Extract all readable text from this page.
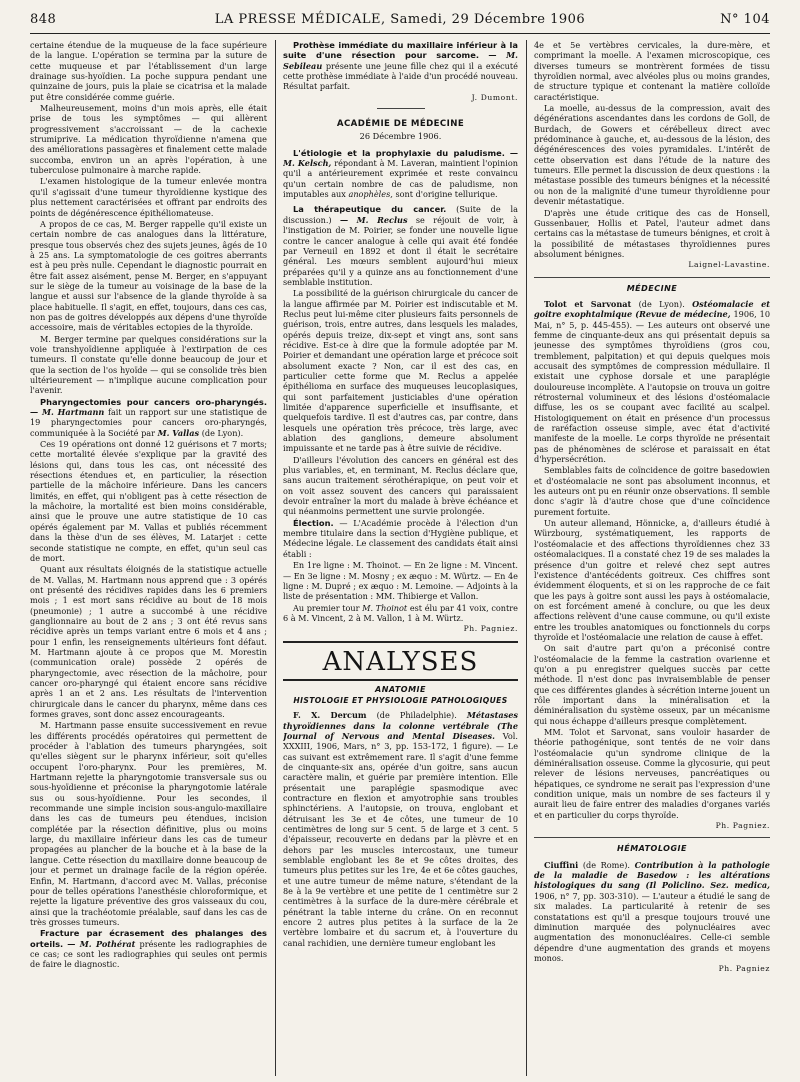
848	LA PRESSE MÉDICALE, Samedi, 29 Décembre 1906	N° 104

certaine étendue de la muqueuse de la face supérieure de la langue. L'opération se termina par la suture de cette muqueuse et par l'établissement d'un large drainage sus-hyoïdien. La poche suppura pendant une quinzaine de jours, puis la plaie se cicatrisa et la malade put être considérée comme guérie.

Malheureusement, moins d'un mois après, elle était prise de tous les symptômes — qui allèrent progressivement s'accroissant — de la cachexie strumiprive. La médication thyroïdienne n'amena que des améliorations passagères et finalement cette malade succomba, environ un an après l'opération, à une tuberculose pulmonaire à marche rapide.

L'examen histologique de la tumeur enlevée montra qu'il s'agissait d'une tumeur thyroïdienne kystique des plus nettement caractérisées et offrant par endroits des points de dégénérescence épithéliomateuse.

A propos de ce cas, M. Berger rappelle qu'il existe un certain nombre de cas analogues dans la littérature, presque tous observés chez des sujets jeunes, âgés de 10 à 25 ans. La symptomatologie de ces goitres aberrants est à peu près nulle. Cependant le diagnostic pourrait en être fait assez aisément, pense M. Berger, en s'appuyant sur le siège de la tumeur au voisinage de la base de la langue et aussi sur l'absence de la glande thyroïde à sa place habituelle. Il s'agit, en effet, toujours, dans ces cas, non pas de goitres développés aux dépens d'une thyroïde accessoire, mais de véritables ectopies de la thyroïde.

M. Berger termine par quelques considérations sur la voie transhyoïdienne appliquée à l'extirpation de ces tumeurs. Il constate qu'elle donne beaucoup de jour et que la section de l'os hyoïde — qui se consolide très bien ultérieurement — n'implique aucune complication pour l'avenir.

Pharyngectomies pour cancers oro-pharyngés. — M. Hartmann fait un rapport sur une statistique de 19 pharyngectomies pour cancers oro-pharyngés, communiquée à la Société par M. Vallas (de Lyon).

Ces 19 opérations ont donné 12 guérisons et 7 morts; cette mortalité élevée s'explique par la gravité des lésions qui, dans tous les cas, ont nécessité des résections étendues et, en particulier, la résection partielle de la mâchoire inférieure. Dans les cancers limités, en effet, qui n'obligent pas à cette résection de la mâchoire, la mortalité est bien moins considérable, ainsi que le prouve une autre statistique de 10 cas opérés également par M. Vallas et publiés récemment dans la thèse d'un de ses élèves, M. Latarjet : cette seconde statistique ne compte, en effet, qu'un seul cas de mort.

Quant aux résultats éloignés de la statistique actuelle de M. Vallas, M. Hartmann nous apprend que : 3 opérés ont présenté des récidives rapides dans les 6 premiers mois ; 1 est mort sans récidive au bout de 18 mois (pneumonie) ; 1 autre a succombé à une récidive ganglionnaire au bout de 2 ans ; 3 ont été revus sans récidive après un temps variant entre 6 mois et 4 ans ; pour 1 enfin, les renseignements ultérieurs font défaut. M. Hartmann ajoute à ce propos que M. Morestin (communication orale) possède 2 opérés de pharyngectomie, avec résection de la mâchoire, pour cancer oro-pharyngé qui étaient encore sans récidive après 1 an et 2 ans. Les résultats de l'intervention chirurgicale dans le cancer du pharynx, même dans ces formes graves, sont donc assez encourageants.

M. Hartmann passe ensuite successivement en revue les différents procédés opératoires qui permettent de procéder à l'ablation des tumeurs pharyngées, soit qu'elles siègent sur le pharynx inférieur, soit qu'elles occupent l'oro-pharynx. Pour les premières, M. Hartmann rejette la pharyngotomie transversale sus ou sous-hyoïdienne et préconise la pharyngotomie latérale sus ou sous-hyoïdienne. Pour les secondes, il recommande une simple incision sous-angulo-maxillaire dans les cas de tumeurs peu étendues, incision complétée par la résection définitive, plus ou moins large, du maxillaire inférieur dans les cas de tumeur propagées au plancher de la bouche et à la base de la langue. Cette résection du maxillaire donne beaucoup de jour et permet un drainage facile de la région opérée. Enfin, M. Hartmann, d'accord avec M. Vallas, préconise pour de telles opérations l'anesthésie chloroformique, et rejette la ligature préventive des gros vaisseaux du cou, ainsi que la trachéotomie préalable, sauf dans les cas de très grosses tumeurs.

Fracture par écrasement des phalanges des orteils. — M. Pothérat présente les radiographies de ce cas; ce sont les radiographies qui seules ont permis de faire le diagnostic.

Prothèse immédiate du maxillaire inférieur à la suite d'une résection pour sarcome. — M. Sebileau présente une jeune fille chez qui il a exécuté cette prothèse immédiate à l'aide d'un procédé nouveau. Résultat parfait.

J. Dumont.
ACADÉMIE DE MÉDECINE
26 Décembre 1906.

L'étiologie et la prophylaxie du paludisme. — M. Kelsch, répondant à M. Laveran, maintient l'opinion qu'il a antérieurement exprimée et reste convaincu qu'un certain nombre de cas de paludisme, non imputables aux anophèles, sont d'origine tellurique.

La thérapeutique du cancer. (Suite de la discussion.) — M. Reclus se réjouit de voir, à l'instigation de M. Poirier, se fonder une nouvelle ligue contre le cancer analogue à celle qui avait été fondée par Verneuil en 1892 et dont il était le secrétaire général. Les mœurs semblent aujourd'hui mieux préparées qu'il y a quinze ans au fonctionnement d'une semblable institution.

La possibilité de la guérison chirurgicale du cancer de la langue affirmée par M. Poirier est indiscutable et M. Reclus peut lui-même citer plusieurs faits personnels de guérison, trois, entre autres, dans lesquels les malades, opérés depuis treize, dix-sept et vingt ans, sont sans récidive. Est-ce à dire que la formule adoptée par M. Poirier et demandant une opération large et précoce soit absolument exacte ? Non, car il est des cas, en particulier cette forme que M. Reclus a appelée épithélioma en surface des muqueuses leucoplasiques, qui sont parfaitement justiciables d'une opération limitée d'apparence superficielle et insuffisante, et quelquefois tardive. Il est d'autres cas, par contre, dans lesquels une opération très précoce, très large, avec ablation des ganglions, demeure absolument impuissante et ne tarde pas à être suivie de récidive.

D'ailleurs l'évolution des cancers en général est des plus variables, et, en terminant, M. Reclus déclare que, sans aucun traitement sérothérapique, on peut voir et on voit assez souvent des cancers qui paraissaient devoir entraîner la mort du malade à brève échéance et qui néanmoins permettent une survie prolongée.

Élection. — L'Académie procède à l'élection d'un membre titulaire dans la section d'Hygiène publique, et Médecine légale. Le classement des candidats était ainsi établi :

En 1re ligne : M. Thoinot. — En 2e ligne : M. Vincent. — En 3e ligne : M. Mosny ; ex æquo : M. Würtz. — En 4e ligne : M. Dupré ; ex æquo : M. Lemoine. — Adjoints à la liste de présentation : MM. Thibierge et Vallon.

Au premier tour M. Thoinot est élu par 41 voix, contre 6 à M. Vincent, 2 à M. Vallon, 1 à M. Würtz.

Ph. Pagniez.
ANALYSES
ANATOMIE
HISTOLOGIE ET PHYSIOLOGIE PATHOLOGIQUES

F. X. Dercum (de Philadelphie). Métastases thyroïdiennes dans la colonne vertébrale (The Journal of Nervous and Mental Diseases. Vol. XXXIII, 1906, Mars, n° 3, pp. 153-172, 1 figure). — Le cas suivant est extrêmement rare. Il s'agit d'une femme de cinquante-six ans, opérée d'un goitre, sans aucun caractère malin, et guérie par première intention. Elle présentait une paraplégie spasmodique avec contracture en flexion et amyotrophie sans troubles sphinctériens. A l'autopsie, on trouva, englobant et détruisant les 3e et 4e côtes, une tumeur de 10 centimètres de long sur 5 cent. 5 de large et 3 cent. 5 d'épaisseur, recouverte en dedans par la plèvre et en dehors par les muscles intercostaux, une tumeur semblable englobant les 8e et 9e côtes droites, des tumeurs plus petites sur les 1re, 4e et 6e côtes gauches, et une autre tumeur de même nature, s'étendant de la 8e à la 9e vertèbre et une petite de 1 centimètre sur 2 centimètres à la surface de la dure-mère cérébrale et pénétrant la table interne du crâne. On en reconnut encore 2 autres plus petites à la surface de la 2e vertèbre lombaire et du sacrum et, à l'ouverture du canal rachidien, une dernière tumeur englobant les

4e et 5e vertèbres cervicales, la dure-mère, et comprimant la moelle. A l'examen microscopique, ces diverses tumeurs se montrèrent formées de tissu thyroïdien normal, avec alvéoles plus ou moins grandes, de structure typique et contenant la matière colloïde caractéristique.

La moelle, au-dessus de la compression, avait des dégénérations ascendantes dans les cordons de Goll, de Burdach, de Gowers et cérébelleux direct avec prédominance à gauche, et, au-dessous de la lésion, des dégénérescences des voies pyramidales. L'intérêt de cette observation est dans l'étude de la nature des tumeurs. Elle permet la discussion de deux questions : la métastase possible des tumeurs bénignes et la nécessité ou non de la malignité d'une tumeur thyroïdienne pour devenir métastatique.

D'après une étude critique des cas de Honsell, Gussenbauer, Hollis et Patel, l'auteur admet dans certains cas la métastase de tumeurs bénignes, et croit à la possibilité de métastases thyroïdiennes pures absolument bénignes.

Laignel-Lavastine.
MÉDECINE

Tolot et Sarvonat (de Lyon). Ostéomalacie et goitre exophtalmique (Revue de médecine, 1906, 10 Mai, n° 5, p. 445-455). — Les auteurs ont observé une femme de cinquante-deux ans qui présentait depuis sa jeunesse des symptômes thyroïdiens (gros cou, tremblement, palpitation) et qui depuis quelques mois accusait des symptômes de compression médullaire. Il existait une cyphose dorsale et une paraplégie douloureuse incomplète. A l'autopsie on trouva un goitre rétrosternal volumineux et des lésions d'ostéomalacie diffuse, les os se coupant avec facilité au scalpel. Histologiquement on était en présence d'un processus de raréfaction osseuse simple, avec état d'activité manifeste de la moelle. Le corps thyroïde ne présentait pas de phénomènes de sclérose et paraissait en état d'hypersécrétion.

Semblables faits de coïncidence de goitre basedowien et d'ostéomalacie ne sont pas absolument inconnus, et les auteurs ont pu en réunir onze observations. Il semble donc s'agir là d'autre chose que d'une coïncidence purement fortuite.

Un auteur allemand, Hönnicke, a, d'ailleurs étudié à Würzbourg, systématiquement, les rapports de l'ostéomalacie et des affections thyroïdiennes chez 33 ostéomalaciques. Il a constaté chez 19 de ses malades la présence d'un goitre et relevé chez sept autres l'existence d'antécédents goitreux. Ces chiffres sont évidemment éloquents, et si on les rapproche de ce fait que les pays à goitre sont aussi les pays à ostéomalacie, on est forcément amené à conclure, ou que les deux affections relèvent d'une cause commune, ou qu'il existe entre les troubles anatomiques ou fonctionnels du corps thyroïde et l'ostéomalacie une relation de cause à effet.

On sait d'autre part qu'on a préconisé contre l'ostéomalacie de la femme la castration ovarienne et qu'on a pu enregistrer quelques succès par cette méthode. Il n'est donc pas invraisemblable de penser que ces différentes glandes à sécrétion interne jouent un rôle important dans la minéralisation et la déminéralisation du système osseux, par un mécanisme qui nous échappe d'ailleurs presque complètement.

MM. Tolot et Sarvonat, sans vouloir hasarder de théorie pathogénique, sont tentés de ne voir dans l'ostéomalacie qu'un syndrome clinique de la déminéralisation osseuse. Comme la glycosurie, qui peut relever de lésions nerveuses, pancréatiques ou hépatiques, ce syndrome ne serait pas l'expression d'une condition unique, mais un nombre de ses facteurs il y aurait lieu de faire entrer des maladies d'organes variés et en particulier du corps thyroïde.

Ph. Pagniez.
HÉMATOLOGIE

Ciuffini (de Rome). Contribution à la pathologie de la maladie de Basedow : les altérations histologiques du sang (Il Policlino. Sez. medica, 1906, n° 7, pp. 303-310). — L'auteur a étudié le sang de six malades. La particularité à retenir de ses constatations est qu'il a presque toujours trouvé une diminution marquée des polynucléaires avec augmentation des mononucléaires. Celle-ci semble dépendre d'une augmentation des grands et moyens monos.

Ph. Pagniez
